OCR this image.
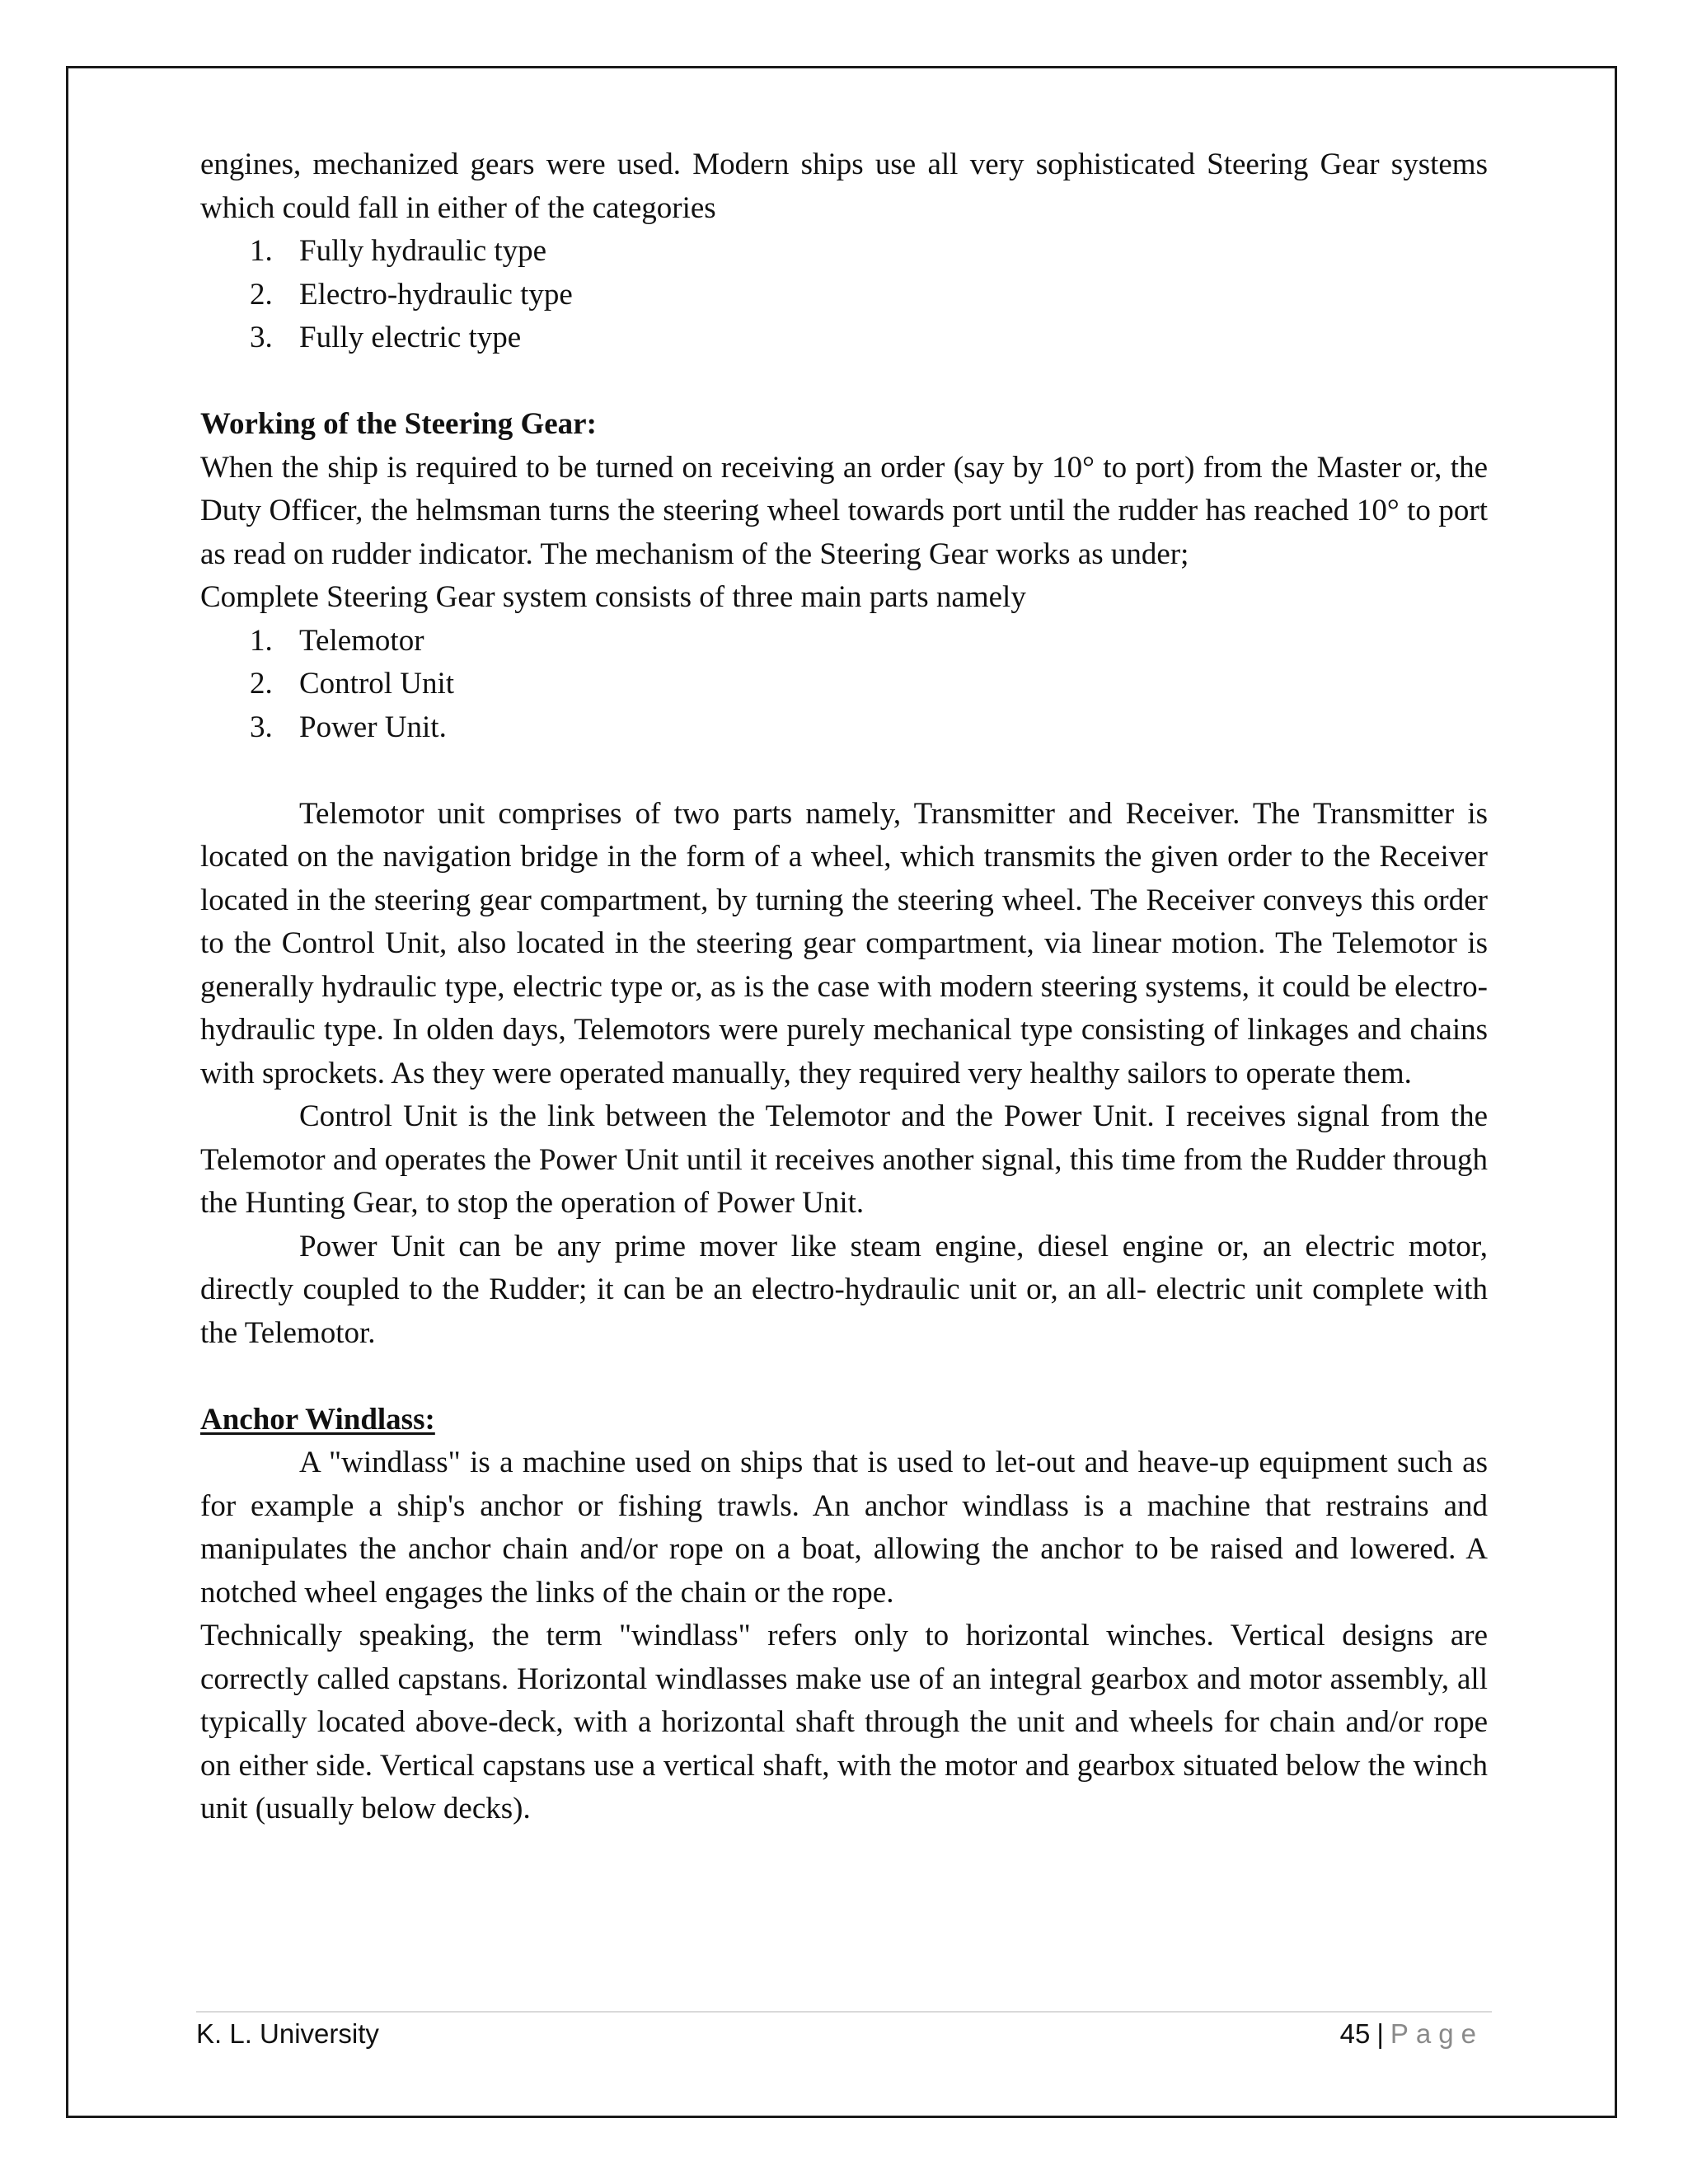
engines, mechanized gears were used. Modern ships use all very sophisticated Steering Gear systems which could fall in either of the categories

1. Fully hydraulic type
2. Electro-hydraulic type
3. Fully electric type

Working of the Steering Gear:

When the ship is required to be turned on receiving an order (say by 10° to port) from the Master or, the Duty Officer, the helmsman turns the steering wheel towards port until the rudder has reached 10° to port as read on rudder indicator. The mechanism of the Steering Gear works as under;

Complete Steering Gear system consists of three main parts namely

1. Telemotor
2. Control Unit
3. Power Unit.

Telemotor unit comprises of two parts namely, Transmitter and Receiver. The Transmitter is located on the navigation bridge in the form of a wheel, which transmits the given order to the Receiver located in the steering gear compartment, by turning the steering wheel. The Receiver conveys this order to the Control Unit, also located in the steering gear compartment, via linear motion. The Telemotor is generally hydraulic type, electric type or, as is the case with modern steering systems, it could be electro-hydraulic type. In olden days, Telemotors were purely mechanical type consisting of linkages and chains with sprockets. As they were operated manually, they required very healthy sailors to operate them.

Control Unit is the link between the Telemotor and the Power Unit. I receives signal from the Telemotor and operates the Power Unit until it receives another signal, this time from the Rudder through the Hunting Gear, to stop the operation of Power Unit.

Power Unit can be any prime mover like steam engine, diesel engine or, an electric motor, directly coupled to the Rudder; it can be an electro-hydraulic unit or, an all- electric unit complete with the Telemotor.

Anchor Windlass:

A "windlass" is a machine used on ships that is used to let-out and heave-up equipment such as for example a ship's anchor or fishing trawls. An anchor windlass is a machine that restrains and manipulates the anchor chain and/or rope on a boat, allowing the anchor to be raised and lowered. A notched wheel engages the links of the chain or the rope.

Technically speaking, the term "windlass" refers only to horizontal winches. Vertical designs are correctly called capstans. Horizontal windlasses make use of an integral gearbox and motor assembly, all typically located above-deck, with a horizontal shaft through the unit and wheels for chain and/or rope on either side. Vertical capstans use a vertical shaft, with the motor and gearbox situated below the winch unit (usually below decks).

K. L. University	45 | Page
